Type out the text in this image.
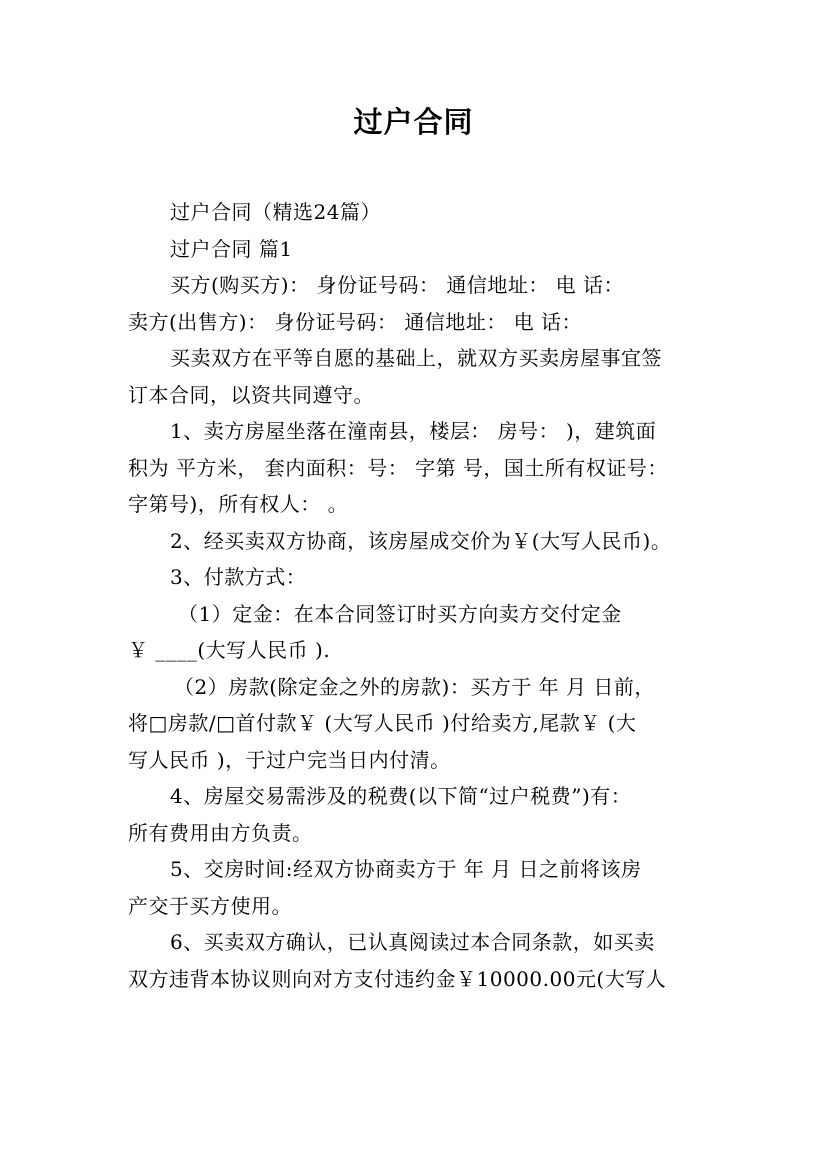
过户合同

过户合同（精选24篇）

过户合同 篇1

买方(购买方)： 身份证号码： 通信地址： 电 话：

卖方(出售方)： 身份证号码： 通信地址： 电 话：

买卖双方在平等自愿的基础上，就双方买卖房屋事宜签

订本合同，以资共同遵守。

1、卖方房屋坐落在潼南县，楼层： 房号： )，建筑面

积为 平方米， 套内面积：号： 字第 号，国土所有权证号：

字第号)，所有权人： 。

2、经买卖双方协商，该房屋成交价为￥(大写人民币)。

3、付款方式：

（1）定金：在本合同签订时买方向卖方交付定金

￥ ____(大写人民币 ).

（2）房款(除定金之外的房款)：买方于 年 月 日前，

将□房款/□首付款￥ (大写人民币 )付给卖方,尾款￥ (大

写人民币 )，于过户完当日内付清。

4、房屋交易需涉及的税费(以下简“过户税费”)有：

所有费用由方负责。

5、交房时间:经双方协商卖方于 年 月 日之前将该房

产交于买方使用。

6、买卖双方确认，已认真阅读过本合同条款，如买卖

双方违背本协议则向对方支付违约金￥10000.00元(大写人
